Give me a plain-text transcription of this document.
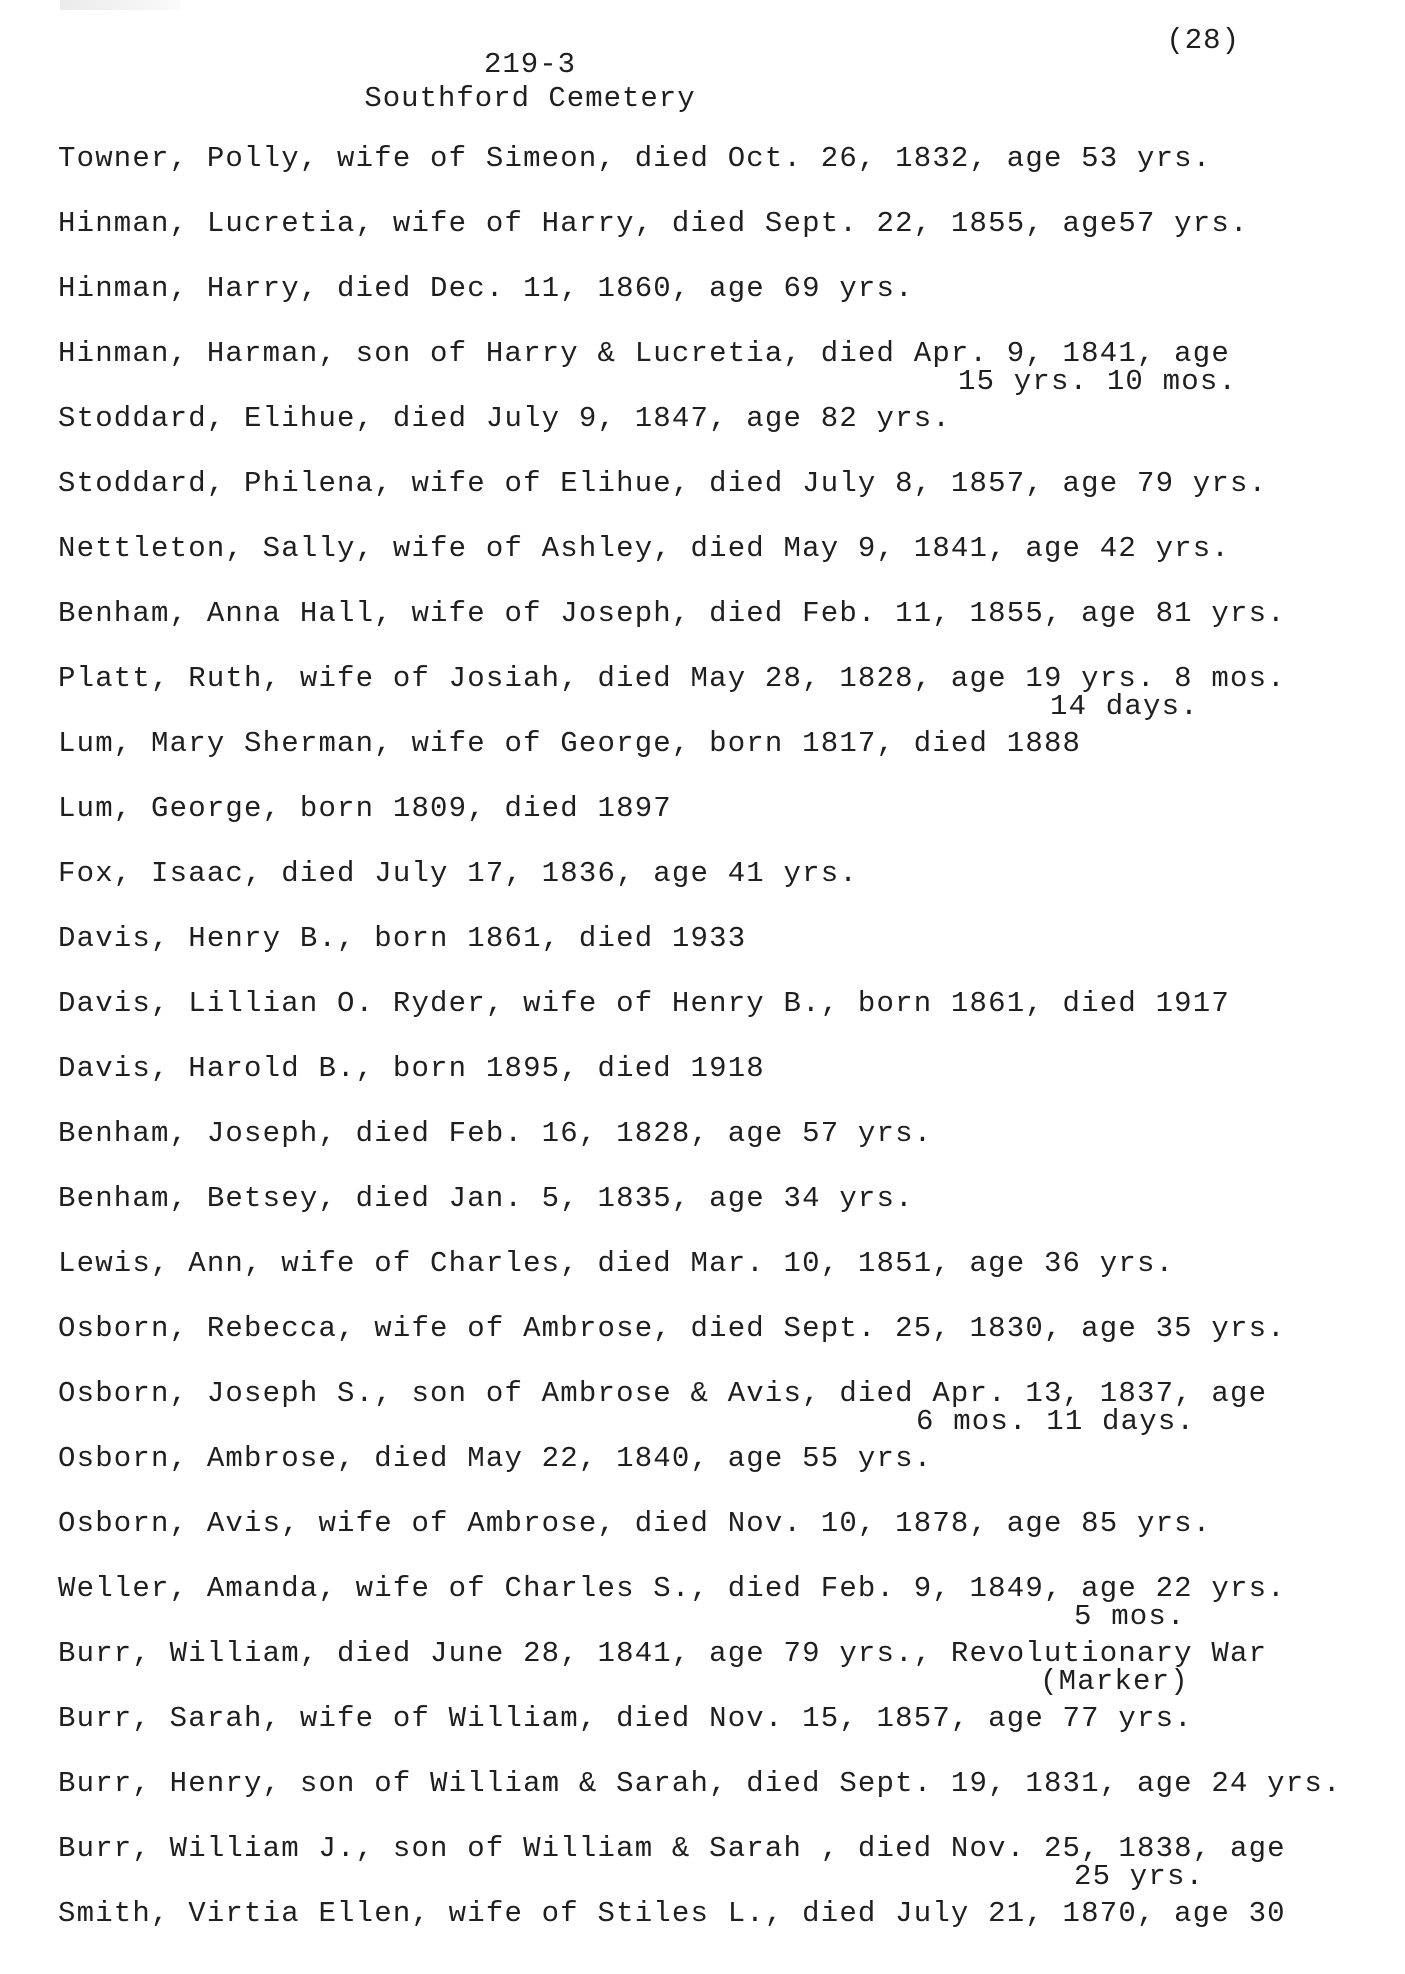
(28)
219-3
Southford Cemetery
Towner, Polly, wife of Simeon, died Oct. 26, 1832, age 53 yrs.
Hinman, Lucretia, wife of Harry, died Sept. 22, 1855, age57 yrs.
Hinman, Harry, died Dec. 11, 1860, age 69 yrs.
Hinman, Harman, son of Harry & Lucretia, died Apr. 9, 1841, age
15 yrs. 10 mos.
Stoddard, Elihue, died July 9, 1847, age 82 yrs.
Stoddard, Philena, wife of Elihue, died July 8, 1857, age 79 yrs.
Nettleton, Sally, wife of Ashley, died May 9, 1841, age 42 yrs.
Benham, Anna Hall, wife of Joseph, died Feb. 11, 1855, age 81 yrs.
Platt, Ruth, wife of Josiah, died May 28, 1828, age 19 yrs. 8 mos.
14 days.
Lum, Mary Sherman, wife of George, born 1817, died 1888
Lum, George, born 1809, died 1897
Fox, Isaac, died July 17, 1836, age 41 yrs.
Davis, Henry B., born 1861, died 1933
Davis, Lillian O. Ryder, wife of Henry B., born 1861, died 1917
Davis, Harold B., born 1895, died 1918
Benham, Joseph, died Feb. 16, 1828, age 57 yrs.
Benham, Betsey, died Jan. 5, 1835, age 34 yrs.
Lewis, Ann, wife of Charles, died Mar. 10, 1851, age 36 yrs.
Osborn, Rebecca, wife of Ambrose, died Sept. 25, 1830, age 35 yrs.
Osborn, Joseph S., son of Ambrose & Avis, died Apr. 13, 1837, age
6 mos. 11 days.
Osborn, Ambrose, died May 22, 1840, age 55 yrs.
Osborn, Avis, wife of Ambrose, died Nov. 10, 1878, age 85 yrs.
Weller, Amanda, wife of Charles S., died Feb. 9, 1849, age 22 yrs.
5 mos.
Burr, William, died June 28, 1841, age 79 yrs., Revolutionary War
(Marker)
Burr, Sarah, wife of William, died Nov. 15, 1857, age 77 yrs.
Burr, Henry, son of William & Sarah, died Sept. 19, 1831, age 24 yrs.
Burr, William J., son of William & Sarah , died Nov. 25, 1838, age
25 yrs.
Smith, Virtia Ellen, wife of Stiles L., died July 21, 1870, age 30
